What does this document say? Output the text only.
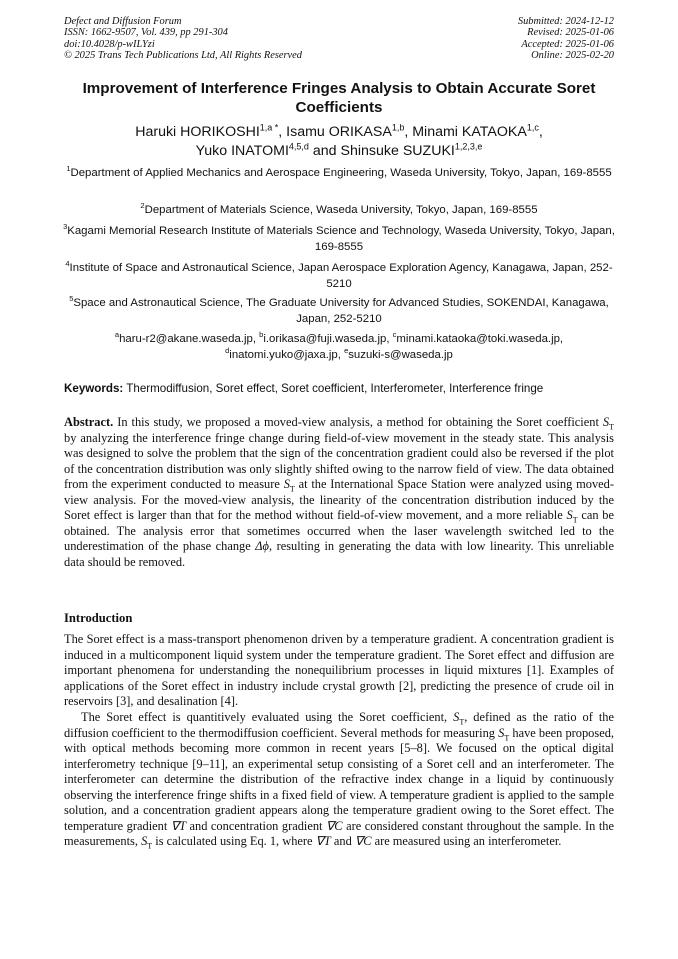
Defect and Diffusion Forum
ISSN: 1662-9507, Vol. 439, pp 291-304
doi:10.4028/p-wILYzi
© 2025 Trans Tech Publications Ltd, All Rights Reserved
Submitted: 2024-12-12
Revised: 2025-01-06
Accepted: 2025-01-06
Online: 2025-02-20
Improvement of Interference Fringes Analysis to Obtain Accurate Soret Coefficients
Haruki $HORIKOSHI^{1,a *}$, Isamu ORIKASA$^{1,b}$, Minami KATAOKA$^{1,c}$,
Yuko INATOMI$^{4,5,d}$ and Shinsuke SUZUKI$^{1,2,3,e}$
$^1$Department of Applied Mechanics and Aerospace Engineering, Waseda University, Tokyo, Japan, 169-8555
$^2$Department of Materials Science, Waseda University, Tokyo, Japan, 169-8555
$^3$Kagami Memorial Research Institute of Materials Science and Technology, Waseda University, Tokyo, Japan, 169-8555
$^4$Institute of Space and Astronautical Science, Japan Aerospace Exploration Agency, Kanagawa, Japan, 252-5210
$^5$Space and Astronautical Science, The Graduate University for Advanced Studies, SOKENDAI, Kanagawa, Japan, 252-5210
$^a$haru-r2@akane.waseda.jp, $^b$i.orikasa@fuji.waseda.jp, $^c$minami.kataoka@toki.waseda.jp,
$^d$inatomi.yuko@jaxa.jp, $^e$suzuki-s@waseda.jp
Keywords: Thermodiffusion, Soret effect, Soret coefficient, Interferometer, Interference fringe

Abstract. In this study, we proposed a moved-view analysis, a method for obtaining the Soret coefficient $S_T$ by analyzing the interference fringe change during field-of-view movement in the steady state. This analysis was designed to solve the problem that the sign of the concentration gradient could also be reversed if the plot of the concentration distribution was only slightly shifted owing to the narrow field of view. The data obtained from the experiment conducted to measure $S_T$ at the International Space Station were analyzed using moved-view analysis. For the moved-view analysis, the linearity of the concentration distribution induced by the Soret effect is larger than that for the method without field-of-view movement, and a more reliable $S_T$ can be obtained. The analysis error that sometimes occurred when the laser wavelength switched led to the underestimation of the phase change Δϕ, resulting in generating the data with low linearity. This unreliable data should be removed.

Introduction

The Soret effect is a mass-transport phenomenon driven by a temperature gradient. A concentration gradient is induced in a multicomponent liquid system under the temperature gradient. The Soret effect and diffusion are important phenomena for understanding the nonequilibrium processes in liquid mixtures [1]. Examples of applications of the Soret effect in industry include crystal growth [2], predicting the presence of crude oil in reservoirs [3], and desalination [4].

The Soret effect is quantitively evaluated using the Soret coefficient, $S_T$, defined as the ratio of the diffusion coefficient to the thermodiffusion coefficient. Several methods for measuring $S_T$ have been proposed, with optical methods becoming more common in recent years [5–8]. We focused on the optical digital interferometry technique [9–11], an experimental setup consisting of a Soret cell and an interferometer. The interferometer can determine the distribution of the refractive index change in a liquid by continuously observing the interference fringe shifts in a fixed field of view. A temperature gradient is applied to the sample solution, and a concentration gradient appears along the temperature gradient owing to the Soret effect. The temperature gradient ∇T and concentration gradient ∇C are considered constant throughout the sample. In the measurements, $S_T$ is calculated using Eq. 1, where ∇T and ∇C are measured using an interferometer.
